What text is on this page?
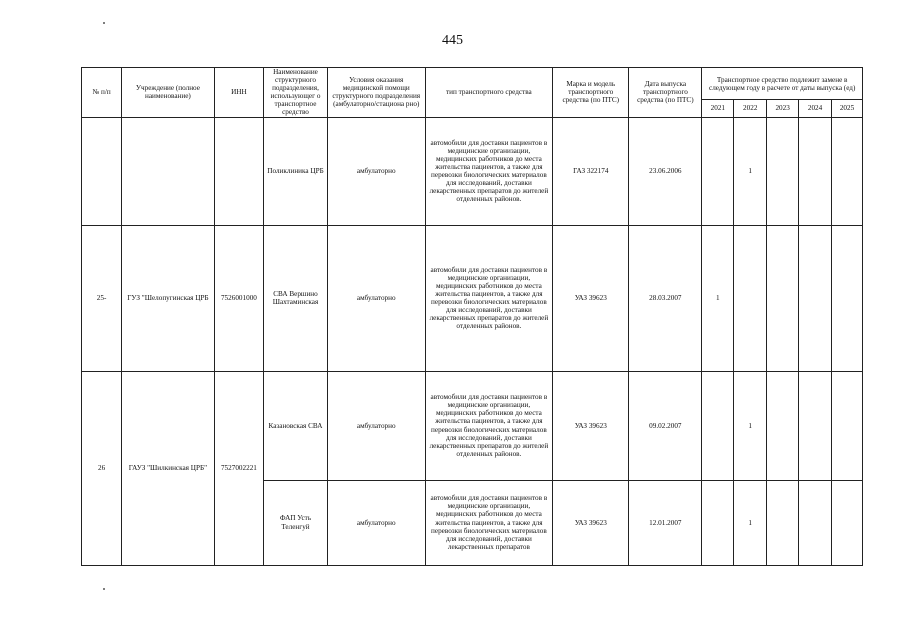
445
№ п/п	Учреждение (полное наименование)	ИНН	Наименование структурного подразделения, использующег о транспортное средство	Условия оказания медицинской помощи структурного подразделения (амбулаторно/стациона рно)	тип транспортного средства	Марка и модель транспортного средства (по ПТС)	Дата выпуска транспортного средства (по ПТС)	Транспортное средство подлежит замене в следующем году в расчете от даты выпуска (ед)				
								2021	2022	2023	2024	2025
			Поликлиника ЦРБ	амбулаторно	автомобили для доставки пациентов в медицинские организации, медицинских работников до места жительства пациентов, а также для перевозки биологических материалов для исследований, доставки лекарственных препаратов до жителей отделенных районов.	ГАЗ 322174	23.06.2006		1			
25-	ГУЗ "Шелопугинская ЦРБ	7526001000	СВА Вершино Шахтаминская	амбулаторно	автомобили для доставки пациентов в медицинские организации, медицинских работников до места жительства пациентов, а также для перевозки биологических материалов для исследований, доставки лекарственных препаратов до жителей отделенных районов.	УАЗ 39623	28.03.2007	1				
26	ГАУЗ "Шилкинская ЦРБ"	7527002221	Казановская СВА	амбулаторно	автомобили для доставки пациентов в медицинские организации, медицинских работников до места жительства пациентов, а также для перевозки биологических материалов для исследований, доставки лекарственных препаратов до жителей отделенных районов.	УАЗ 39623	09.02.2007		1			
			ФАП Усть Теленгуй	амбулаторно	автомобили для доставки пациентов в медицинские организации, медицинских работников до места жительства пациентов, а также для перевозки биологических материалов для исследований, доставки лекарственных препаратов	УАЗ 39623	12.01.2007		1			
